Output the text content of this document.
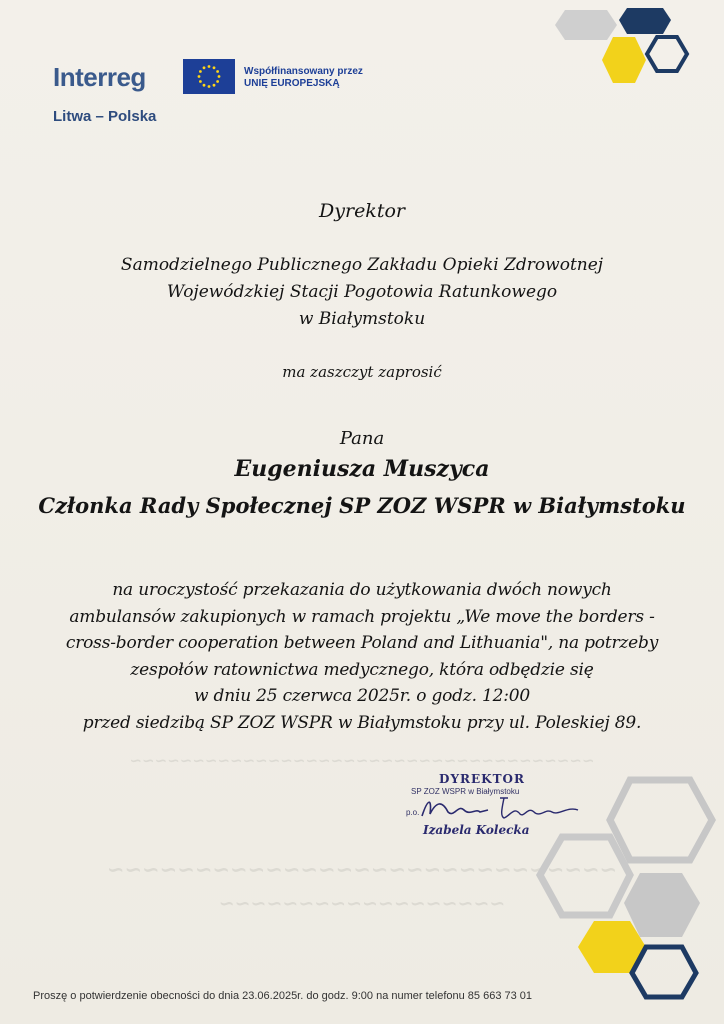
Interreg
Litwa – Polska
Współfinansowany przez
UNIĘ EUROPEJSKĄ
Dyrektor
Samodzielnego Publicznego Zakładu Opieki Zdrowotnej
Wojewódzkiej Stacji Pogotowia Ratunkowego
w Białymstoku
ma zaszczyt zaprosić
Pana
Eugeniusza Muszyca
Członka Rady Społecznej SP ZOZ WSPR w Białymstoku
na uroczystość przekazania do użytkowania dwóch nowych
ambulansów zakupionych w ramach projektu „We move the borders -
cross-border cooperation between Poland and Lithuania", na potrzeby
zespołów ratownictwa medycznego, która odbędzie się
w dniu 25 czerwca 2025r. o godz. 12:00
przed siedzibą SP ZOZ WSPR w Białymstoku przy ul. Poleskiej 89.
~~~~~~~~~~~~~~~~~~~~~~~~~~~~~~~~~~~~~
~~~~~~~~~~~~~~~~~~~~~~~~~~~~~
~~~~~~~~~~~~~~~~~~
DYREKTOR
SP ZOZ WSPR w Białymstoku
p.o.
Izabela Kolecka
Proszę o potwierdzenie obecności do dnia 23.06.2025r. do godz. 9:00 na numer telefonu 85 663 73 01
